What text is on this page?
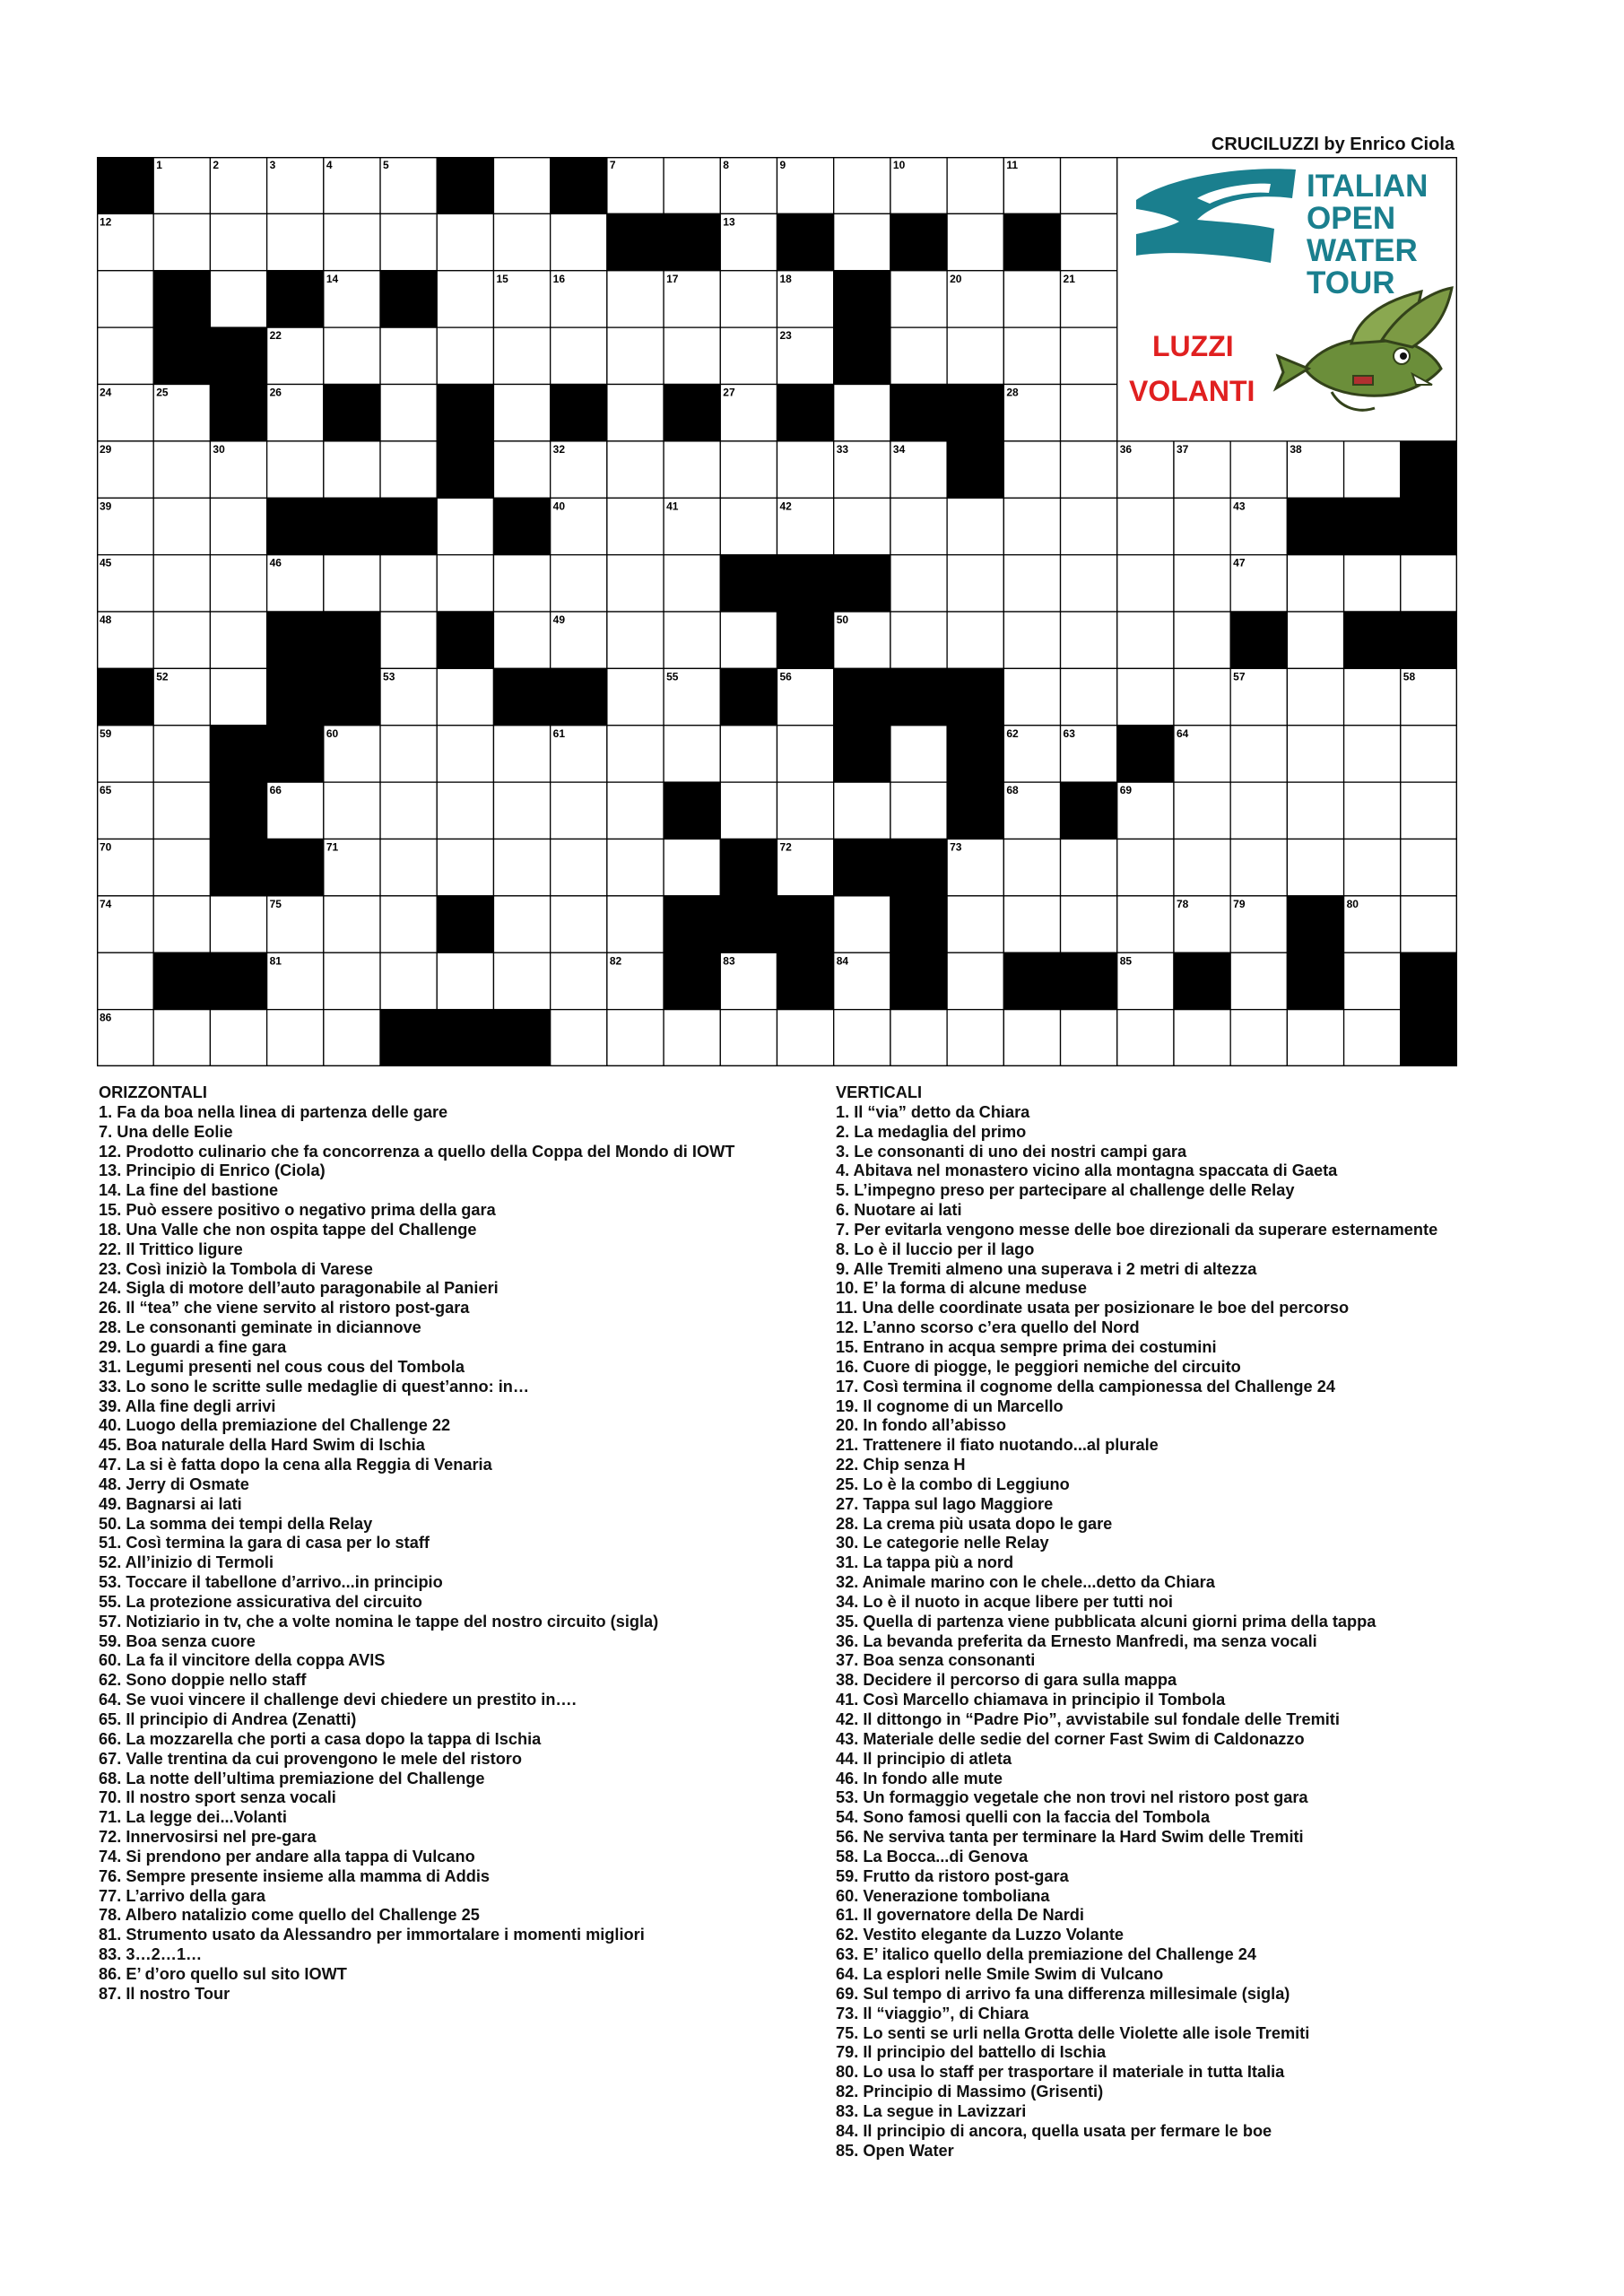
CRUCILUZZI by Enrico Ciola
1	2	3	4	5	6	7	8	9	10	11
12	13
14	15	16	17	18	19	20	21
22	23
24	25	26	27	28
29	30	31	32	33	34	35	36	37	38
39	40	41	42	43	44
45	46	47
48	49	50	51
52	53	54	55	56	57	58
59	60	61	62	63	64
65	66	67	68	69
70	71	72	73
74	75	76	77	78	79	80
81	82	83	84	85
86	87
ITALIAN
OPEN
WATER
TOUR
LUZZI
VOLANTI
ORIZZONTALI
1. Fa da boa nella linea di partenza delle gare
7. Una delle Eolie
12. Prodotto culinario che fa concorrenza a quello della Coppa del Mondo di IOWT
13. Principio di Enrico (Ciola)
14. La fine del bastione
15. Può essere positivo o negativo prima della gara
18. Una Valle che non ospita tappe del Challenge
22. Il Trittico ligure
23. Così iniziò la Tombola di Varese
24. Sigla di motore dell’auto paragonabile al Panieri
26. Il “tea” che viene servito al ristoro post-gara
28. Le consonanti geminate in diciannove
29. Lo guardi a fine gara
31. Legumi presenti nel cous cous del Tombola
33. Lo sono le scritte sulle medaglie di quest’anno: in…
39. Alla fine degli arrivi
40. Luogo della premiazione del Challenge 22
45. Boa naturale della Hard Swim di Ischia
47. La si è fatta dopo la cena alla Reggia di Venaria
48. Jerry di Osmate
49. Bagnarsi ai lati
50. La somma dei tempi della Relay
51. Così termina la gara di casa per lo staff
52. All’inizio di Termoli
53. Toccare il tabellone d’arrivo...in principio
55. La protezione assicurativa del circuito
57. Notiziario in tv, che a volte nomina le tappe del nostro circuito (sigla)
59. Boa senza cuore
60. La fa il vincitore della coppa AVIS
62. Sono doppie nello staff
64. Se vuoi vincere il challenge devi chiedere un prestito in….
65. Il principio di Andrea (Zenatti)
66. La mozzarella che porti a casa dopo la tappa di Ischia
67. Valle trentina da cui provengono le mele del ristoro
68. La notte dell’ultima premiazione del Challenge
70. Il nostro sport senza vocali
71. La legge dei...Volanti
72. Innervosirsi nel pre-gara
74. Si prendono per andare alla tappa di Vulcano
76. Sempre presente insieme alla mamma di Addis
77. L’arrivo della gara
78. Albero natalizio come quello del Challenge 25
81. Strumento usato da Alessandro per immortalare i momenti migliori
83. 3…2…1…
86. E’ d’oro quello sul sito IOWT
87. Il nostro Tour
VERTICALI
1. Il “via” detto da Chiara
2. La medaglia del primo
3. Le consonanti di uno dei nostri campi gara
4. Abitava nel monastero vicino alla montagna spaccata di Gaeta
5. L’impegno preso per partecipare al challenge delle Relay
6. Nuotare ai lati
7. Per evitarla vengono messe delle boe direzionali da superare esternamente
8. Lo è il luccio per il lago
9. Alle Tremiti almeno una superava i 2 metri di altezza
10. E’ la forma di alcune meduse
11. Una delle coordinate usata per posizionare le boe del percorso
12. L’anno scorso c’era quello del Nord
15. Entrano in acqua sempre prima dei costumini
16. Cuore di piogge, le peggiori nemiche del circuito
17. Così termina il cognome della campionessa del Challenge 24
19. Il cognome di un Marcello
20. In fondo all’abisso
21. Trattenere il fiato nuotando...al plurale
22. Chip senza H
25. Lo è la combo di Leggiuno
27. Tappa sul lago Maggiore
28. La crema più usata dopo le gare
30. Le categorie nelle Relay
31. La tappa più a nord
32. Animale marino con le chele...detto da Chiara
34. Lo è il nuoto in acque libere per tutti noi
35. Quella di partenza viene pubblicata alcuni giorni prima della tappa
36. La bevanda preferita da Ernesto Manfredi, ma senza vocali
37. Boa senza consonanti
38. Decidere il percorso di gara sulla mappa
41. Così Marcello chiamava in principio il Tombola
42. Il dittongo in “Padre Pio”, avvistabile sul fondale delle Tremiti
43. Materiale delle sedie del corner Fast Swim di Caldonazzo
44. Il principio di atleta
46. In fondo alle mute
53. Un formaggio vegetale che non trovi nel ristoro post gara
54. Sono famosi quelli con la faccia del Tombola
56. Ne serviva tanta per terminare la Hard Swim delle Tremiti
58. La Bocca...di Genova
59. Frutto da ristoro post-gara
60. Venerazione tomboliana
61. Il governatore della De Nardi
62. Vestito elegante da Luzzo Volante
63. E’ italico quello della premiazione del Challenge 24
64. La esplori nelle Smile Swim di Vulcano
69. Sul tempo di arrivo fa una differenza millesimale (sigla)
73. Il “viaggio”, di Chiara
75. Lo senti se urli nella Grotta delle Violette alle isole Tremiti
79. Il principio del battello di Ischia
80. Lo usa lo staff per trasportare il materiale in tutta Italia
82. Principio di Massimo (Grisenti)
83. La segue in Lavizzari
84. Il principio di ancora, quella usata per fermare le boe
85. Open Water
